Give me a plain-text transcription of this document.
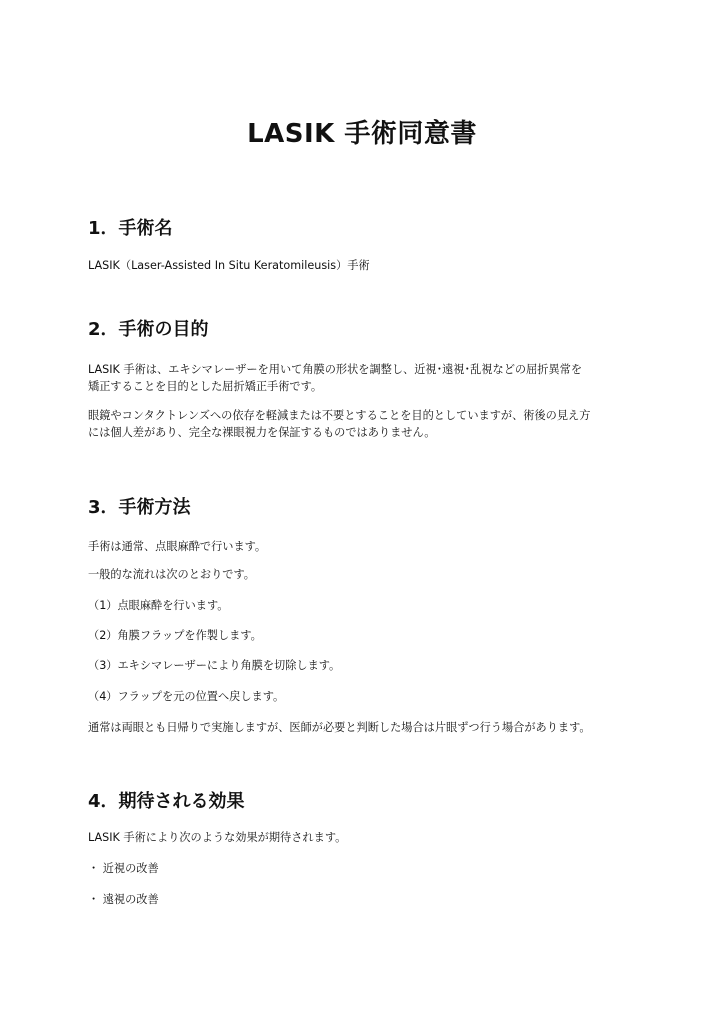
LASIK 手術同意書
1．手術名

LASIK（Laser-Assisted In Situ Keratomileusis）手術

2．手術の目的

LASIK 手術は、エキシマレーザーを用いて角膜の形状を調整し、近視･遠視･乱視などの屈折異常を

矯正することを目的とした屈折矯正手術です。

眼鏡やコンタクトレンズへの依存を軽減または不要とすることを目的としていますが、術後の見え方

には個人差があり、完全な裸眼視力を保証するものではありません。

3．手術方法

手術は通常、点眼麻酔で行います。

一般的な流れは次のとおりです。

（1）点眼麻酔を行います。

（2）角膜フラップを作製します。

（3）エキシマレーザーにより角膜を切除します。

（4）フラップを元の位置へ戻します。

通常は両眼とも日帰りで実施しますが、医師が必要と判断した場合は片眼ずつ行う場合があります。

4．期待される効果

LASIK 手術により次のような効果が期待されます。

・ 近視の改善

・ 遠視の改善
